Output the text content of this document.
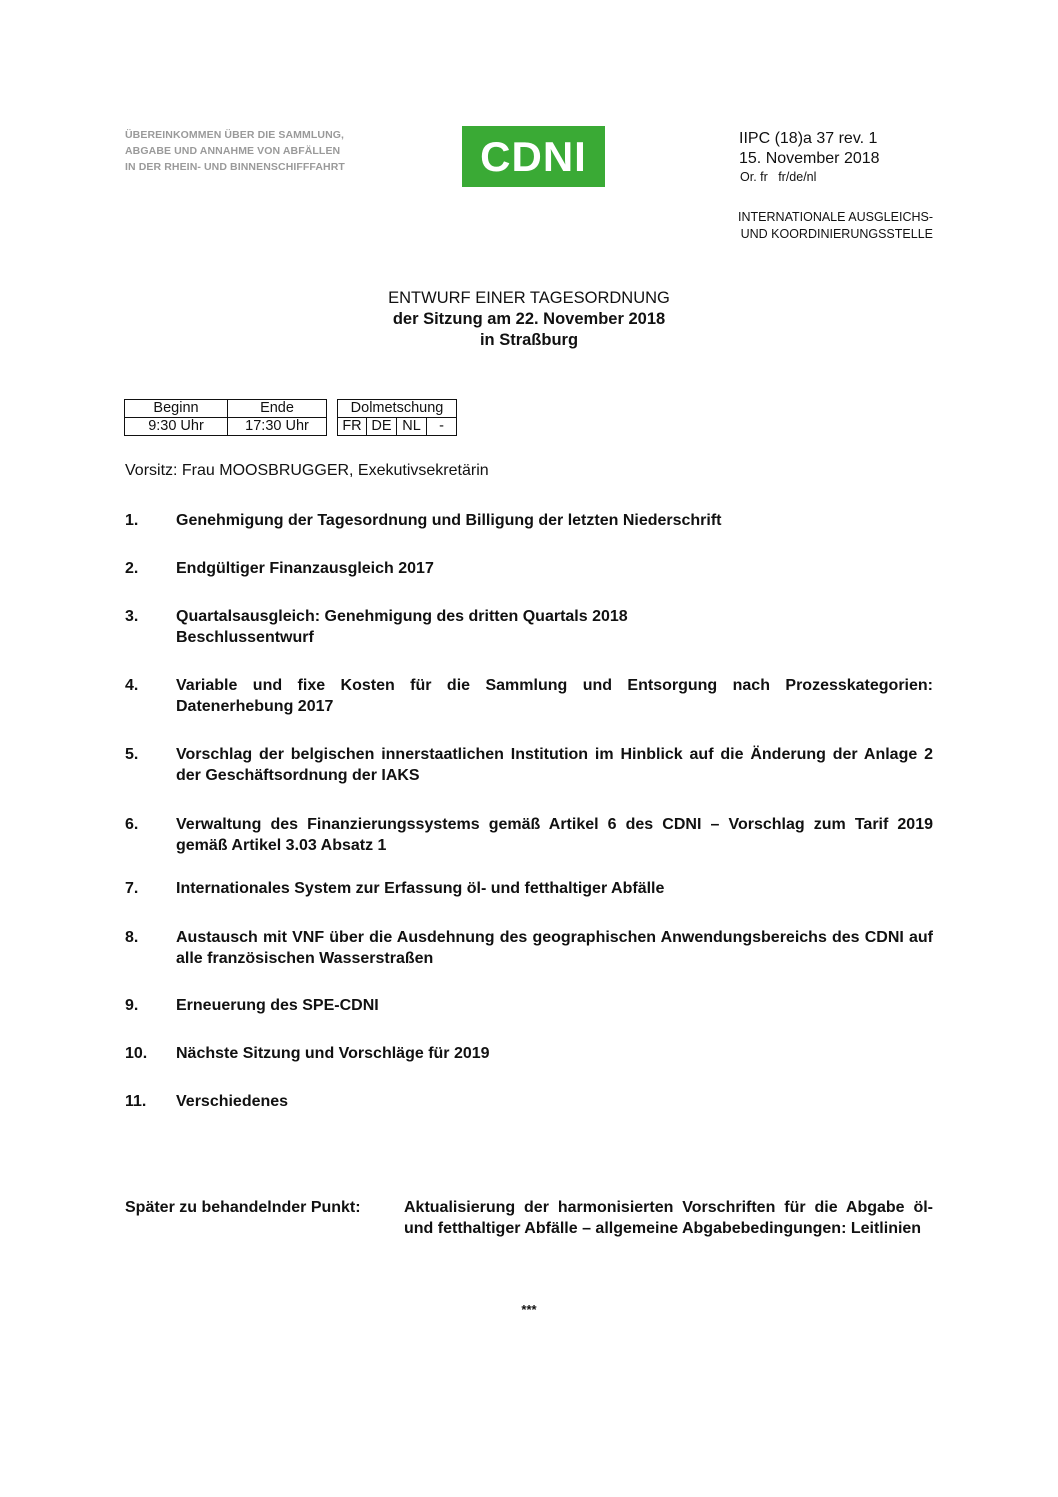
ÜBEREINKOMMEN ÜBER DIE SAMMLUNG,
ABGABE UND ANNAHME VON ABFÄLLEN
IN DER RHEIN- UND BINNENSCHIFFFAHRT	CDNI	IIPC (18)a 37 rev. 1
15. November 2018
Or. fr   fr/de/nl
INTERNATIONALE AUSGLEICHS-
UND KOORDINIERUNGSSTELLE
ENTWURF EINER TAGESORDNUNG
der Sitzung am 22. November 2018
in Straßburg
Beginn	Ende		Dolmetschung			
9:30 Uhr	17:30 Uhr		FR	DE	NL	-
Vorsitz: Frau MOOSBRUGGER, Exekutivsekretärin
1.	Genehmigung der Tagesordnung und Billigung der letzten Niederschrift
2.	Endgültiger Finanzausgleich 2017
3.	Quartalsausgleich: Genehmigung des dritten Quartals 2018
Beschlussentwurf
4.	Variable und fixe Kosten für die Sammlung und Entsorgung nach Prozesskategorien: Datenerhebung 2017
5.	Vorschlag der belgischen innerstaatlichen Institution im Hinblick auf die Änderung der Anlage 2 der Geschäftsordnung der IAKS
6.	Verwaltung des Finanzierungssystems gemäß Artikel 6 des CDNI – Vorschlag zum Tarif 2019 gemäß Artikel 3.03 Absatz 1
7.	Internationales System zur Erfassung öl- und fetthaltiger Abfälle
8.	Austausch mit VNF über die Ausdehnung des geographischen Anwendungsbereichs des CDNI auf alle französischen Wasserstraßen
9.	Erneuerung des SPE-CDNI
10.	Nächste Sitzung und Vorschläge für 2019
11.	Verschiedenes
Später zu behandelnder Punkt:	Aktualisierung der harmonisierten Vorschriften für die Abgabe öl- und fetthaltiger Abfälle – allgemeine Abgabebedingungen: Leitlinien
***
